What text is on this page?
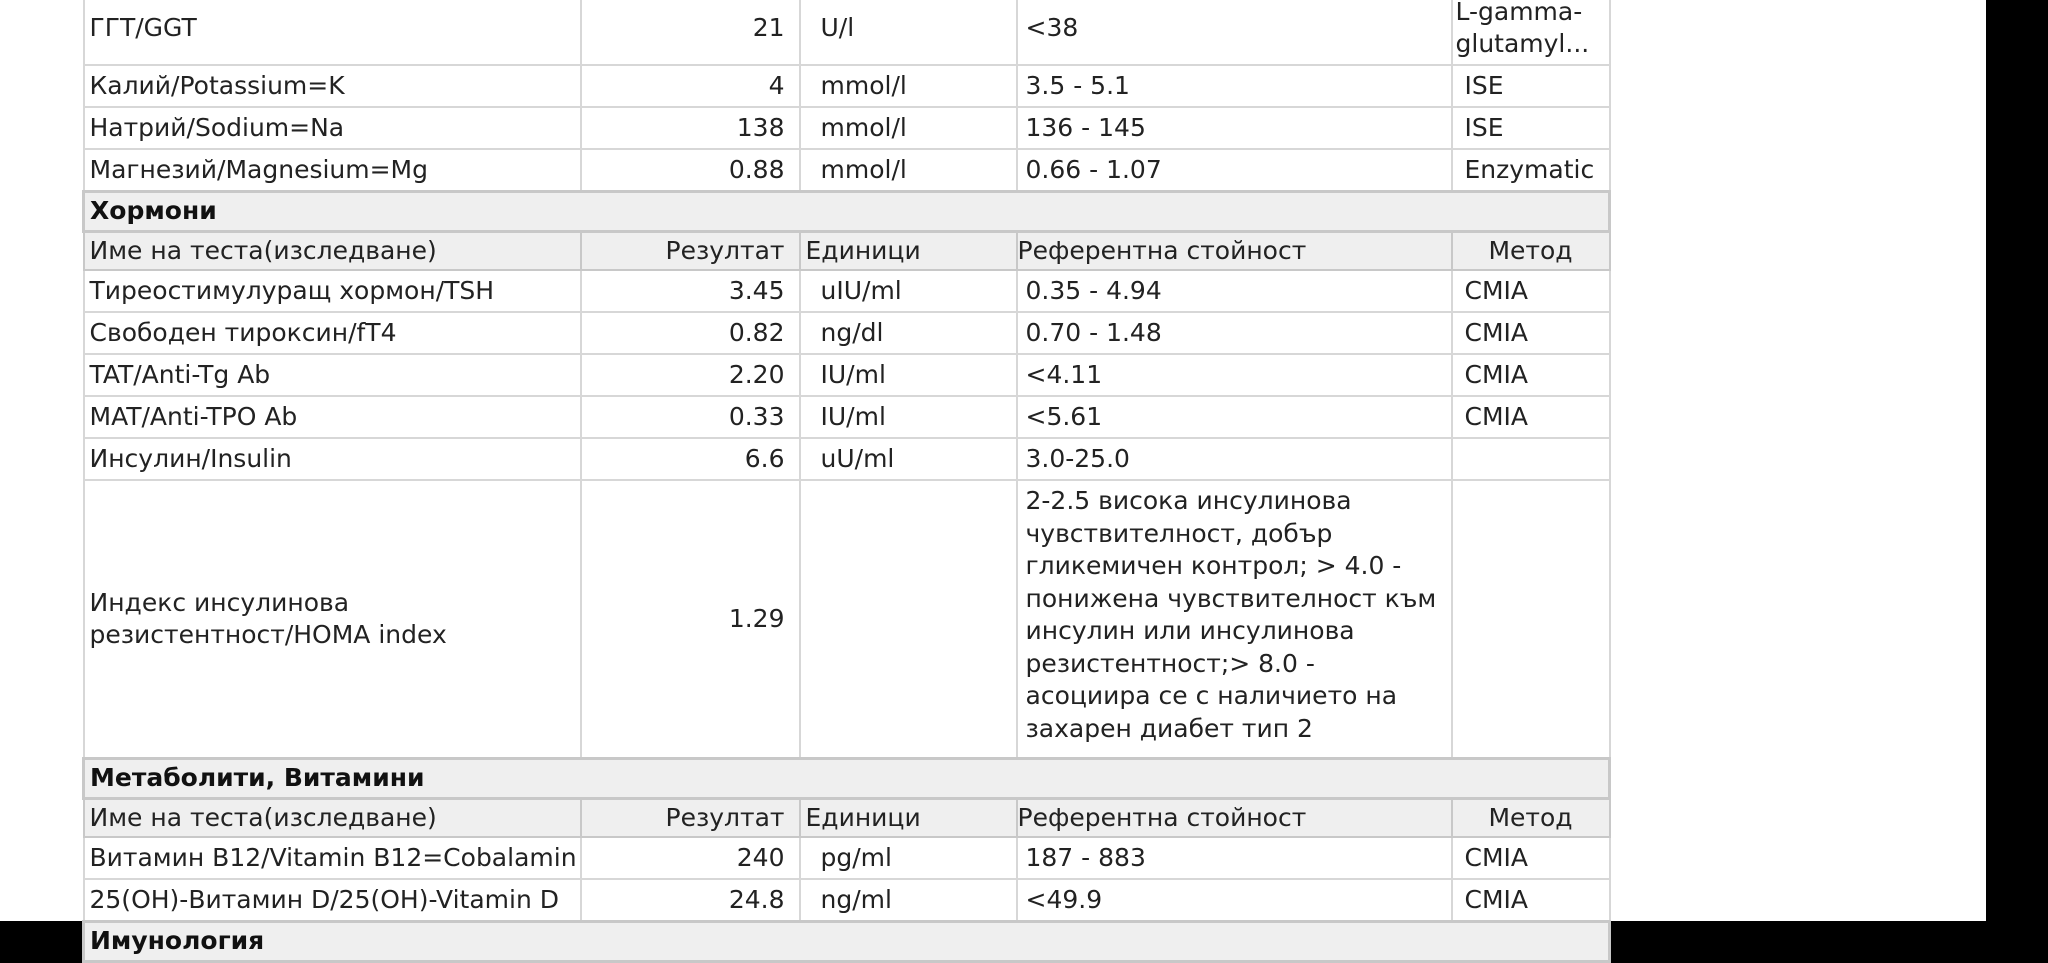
ГГТ/GGT	21	U/l	<38	L-gamma-glutamyl...
Калий/Potassium=K	4	mmol/l	3.5 - 5.1	ISE
Натрий/Sodium=Na	138	mmol/l	136 - 145	ISE
Магнезий/Magnesium=Mg	0.88	mmol/l	0.66 - 1.07	Enzymatic
Хормони				
Име на теста(изследване)	Резултат	Единици	Референтна стойност	Метод
Тиреостимулуращ хормон/TSH	3.45	uIU/ml	0.35 - 4.94	CMIA
Свободен тироксин/fT4	0.82	ng/dl	0.70 - 1.48	CMIA
TAT/Anti-Tg Ab	2.20	IU/ml	<4.11	CMIA
MAT/Anti-TPO Ab	0.33	IU/ml	<5.61	CMIA
Инсулин/Insulin	6.6	uU/ml	3.0-25.0	
Индекс инсулинова резистентност/HOMA index	1.29		2-2.5 висока инсулинова чувствителност, добър гликемичен контрол; > 4.0 - понижена чувствителност към инсулин или инсулинова резистентност;> 8.0 - асоциира се с наличието на захарен диабет тип 2	
Метаболити, Витамини				
Име на теста(изследване)	Резултат	Единици	Референтна стойност	Метод
Витамин B12/Vitamin B12=Cobalamin	240	pg/ml	187 - 883	CMIA
25(OH)-Витамин D/25(OH)-Vitamin D	24.8	ng/ml	<49.9	CMIA
Имунология				
